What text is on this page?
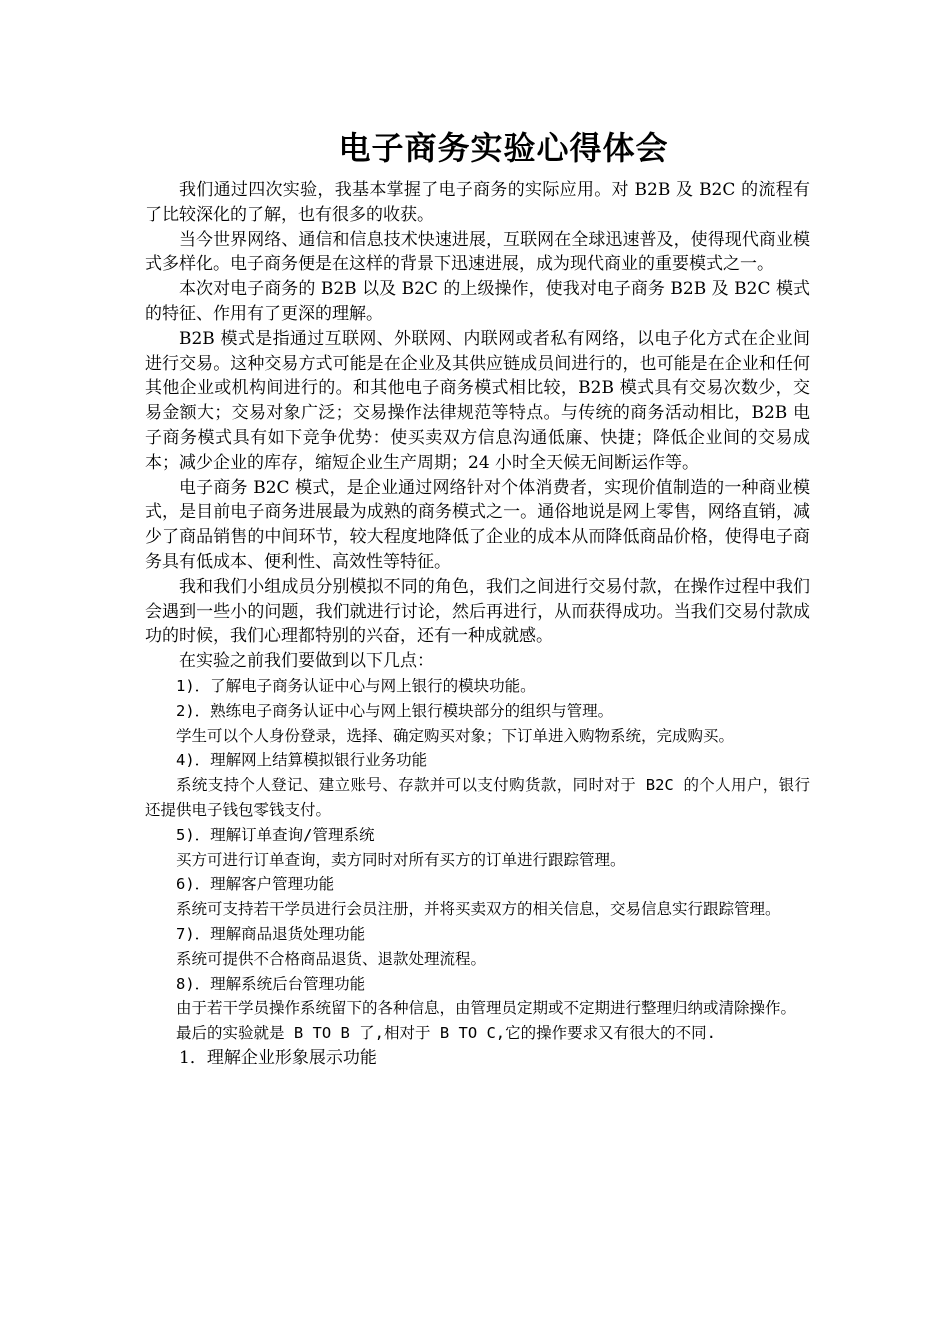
电子商务实验心得体会

我们通过四次实验，我基本掌握了电子商务的实际应用。对 B2B 及 B2C 的流程有了比较深化的了解，也有很多的收获。

当今世界网络、通信和信息技术快速进展，互联网在全球迅速普及，使得现代商业模式多样化。电子商务便是在这样的背景下迅速进展，成为现代商业的重要模式之一。

本次对电子商务的 B2B 以及 B2C 的上级操作，使我对电子商务 B2B 及 B2C 模式的特征、作用有了更深的理解。

B2B 模式是指通过互联网、外联网、内联网或者私有网络，以电子化方式在企业间进行交易。这种交易方式可能是在企业及其供应链成员间进行的，也可能是在企业和任何其他企业或机构间进行的。和其他电子商务模式相比较，B2B 模式具有交易次数少，交易金额大；交易对象广泛；交易操作法律规范等特点。与传统的商务活动相比，B2B 电子商务模式具有如下竞争优势：使买卖双方信息沟通低廉、快捷；降低企业间的交易成本；减少企业的库存，缩短企业生产周期；24 小时全天候无间断运作等。

电子商务 B2C 模式，是企业通过网络针对个体消费者，实现价值制造的一种商业模式，是目前电子商务进展最为成熟的商务模式之一。通俗地说是网上零售，网络直销，减少了商品销售的中间环节，较大程度地降低了企业的成本从而降低商品价格，使得电子商务具有低成本、便利性、高效性等特征。

我和我们小组成员分别模拟不同的角色，我们之间进行交易付款，在操作过程中我们会遇到一些小的问题，我们就进行讨论，然后再进行，从而获得成功。当我们交易付款成功的时候，我们心理都特别的兴奋，还有一种成就感。

在实验之前我们要做到以下几点：

1)．了解电子商务认证中心与网上银行的模块功能。

2)．熟练电子商务认证中心与网上银行模块部分的组织与管理。

学生可以个人身份登录，选择、确定购买对象；下订单进入购物系统，完成购买。

4)．理解网上结算模拟银行业务功能

系统支持个人登记、建立账号、存款并可以支付购货款，同时对于 B2C 的个人用户，银行还提供电子钱包零钱支付。

5)．理解订单查询/管理系统

买方可进行订单查询，卖方同时对所有买方的订单进行跟踪管理。

6)．理解客户管理功能

系统可支持若干学员进行会员注册，并将买卖双方的相关信息，交易信息实行跟踪管理。

7)．理解商品退货处理功能

系统可提供不合格商品退货、退款处理流程。

8)．理解系统后台管理功能

由于若干学员操作系统留下的各种信息，由管理员定期或不定期进行整理归纳或清除操作。

最后的实验就是 B TO B 了,相对于 B TO C,它的操作要求又有很大的不同.

1．理解企业形象展示功能
